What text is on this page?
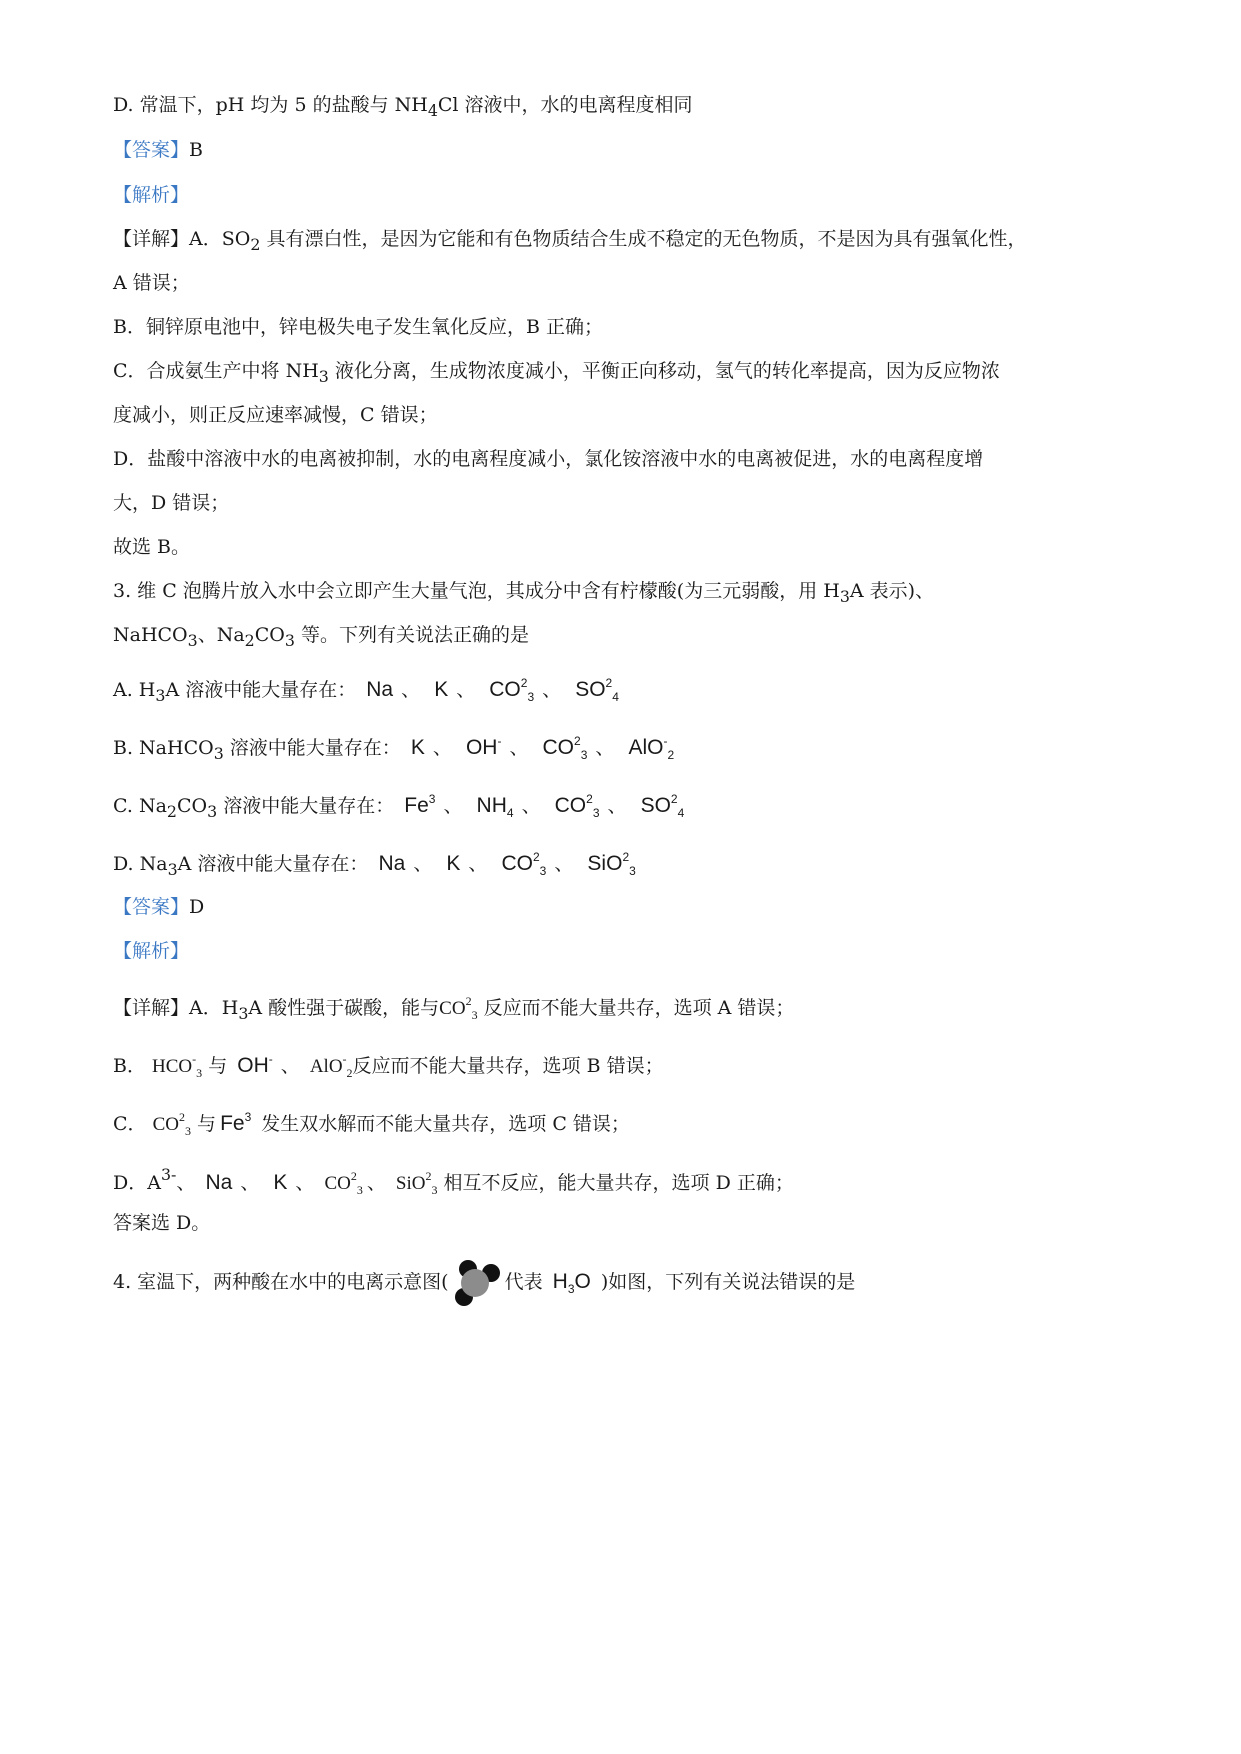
D. 常温下，pH 均为 5 的盐酸与 $NH_4Cl$ 溶液中，水的电离程度相同
【答案】B
【解析】
【详解】A．$SO_2$ 具有漂白性，是因为它能和有色物质结合生成不稳定的无色物质，不是因为具有强氧化性，
A 错误；
B．铜锌原电池中，锌电极失电子发生氧化反应，B 正确；
C．合成氨生产中将 $NH_3$ 液化分离，生成物浓度减小，平衡正向移动，氢气的转化率提高，因为反应物浓
度减小，则正反应速率减慢，C 错误；
D．盐酸中溶液中水的电离被抑制，水的电离程度减小，氯化铵溶液中水的电离被促进，水的电离程度增
大，D 错误；
故选 B。
3. 维 C 泡腾片放入水中会立即产生大量气泡，其成分中含有柠檬酸(为三元弱酸，用 $H_3A$ 表示)、
NaHCO$_3$、$Na_2CO_3$ 等。下列有关说法正确的是
A. $H_3A$ 溶液中能大量存在： Na 、 K 、 $CO^2_3$ 、 $SO^2_4$
B. NaHCO$_3$ 溶液中能大量存在： K 、 OH- 、 $CO^2_3$ 、 AlO-$_2$
C. $Na_2CO_3$ 溶液中能大量存在： Fe$^3$ 、 $NH_4$ 、 $CO^2_3$ 、 $SO^2_4$
D. $Na_3A$ 溶液中能大量存在： Na 、 K 、 $CO^2_3$ 、 SiO$^2_3$
【答案】D
【解析】
【详解】A．$H_3A$ 酸性强于碳酸，能与$CO^2_3$ 反应而不能大量共存，选项 A 错误；
B． $HCO^-_3$ 与 OH- 、 AlO-$_2$反应而不能大量共存，选项 B 错误；
C． $CO^2_3$ 与 Fe$^3$ 发生双水解而不能大量共存，选项 C 错误；
D．$A^{3-}$、 Na 、 K 、 $CO^2_3$ 、 SiO$^2_3$ 相互不反应，能大量共存，选项 D 正确；
答案选 D。
4. 室温下，两种酸在水中的电离示意图(	代表 $H_3O$ )如图，下列有关说法错误的是
